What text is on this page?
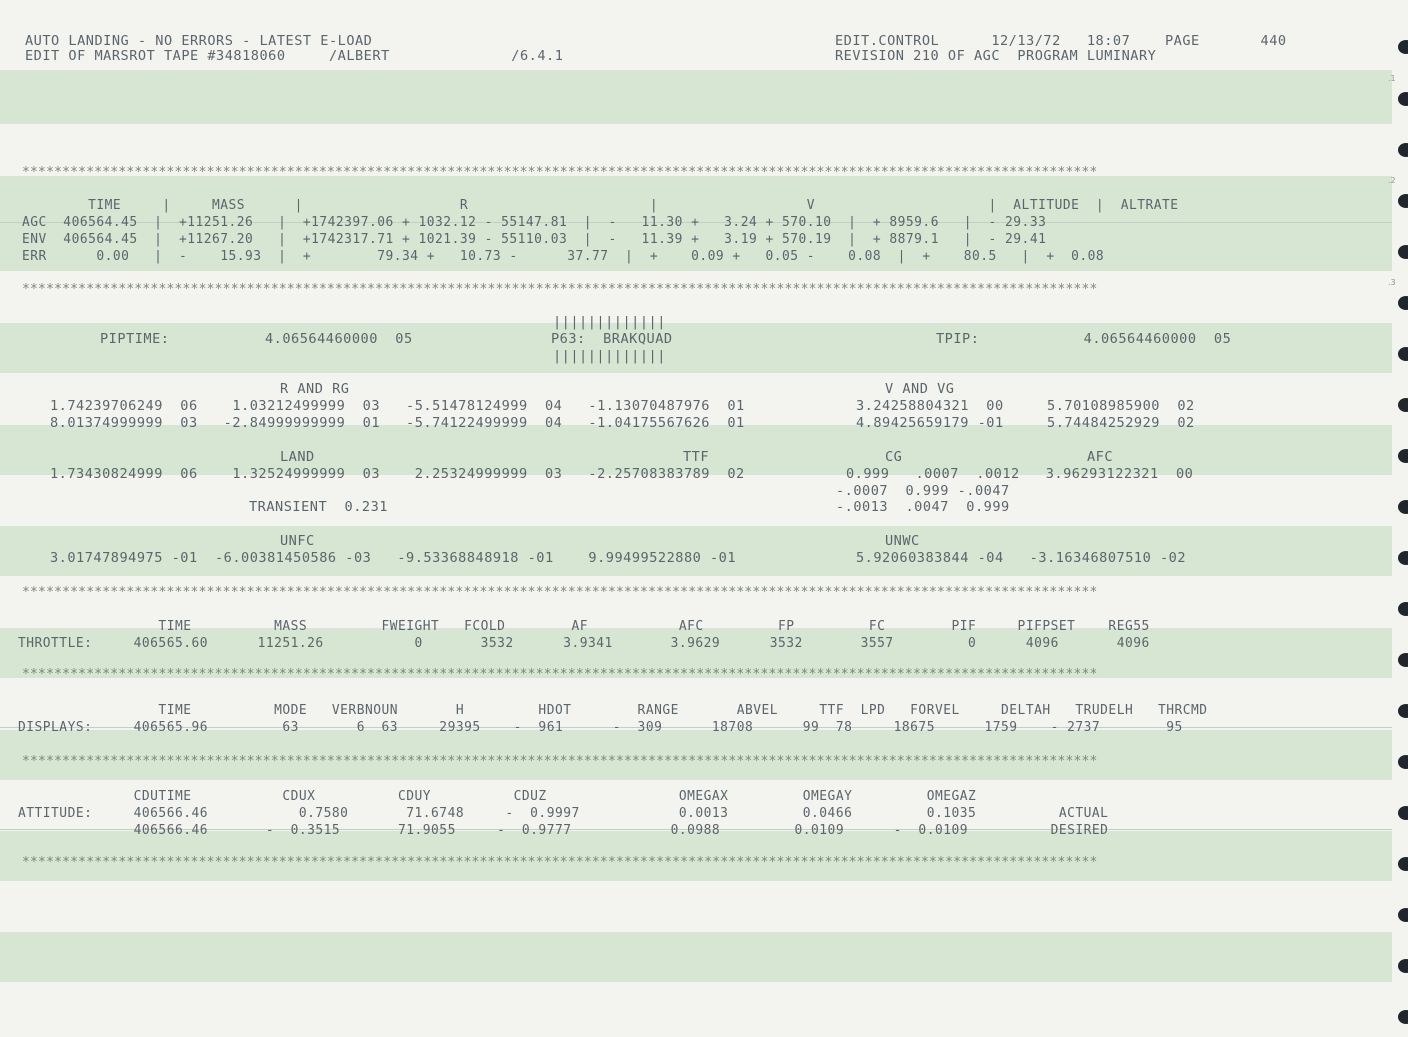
.1
.2
.3
AUTO LANDING - NO ERRORS - LATEST E-LOAD	EDIT.CONTROL      12/13/72   18:07    PAGE       440
EDIT OF MARSROT TAPE #34818060     /ALBERT              /6.4.1	REVISION 210 OF AGC  PROGRAM LUMINARY
**************************************************************************************************************************************
**************************************************************************************************************************************
**************************************************************************************************************************************
**************************************************************************************************************************************
**************************************************************************************************************************************
**************************************************************************************************************************************
TIME     |     MASS      |                   R                      |                  V                     |  ALTITUDE  |  ALTRATE
AGC  406564.45  |  +11251.26   |  +1742397.06 + 1032.12 - 55147.81  |  -   11.30 +   3.24 + 570.10  |  + 8959.6   |  - 29.33
ENV  406564.45  |  +11267.20   |  +1742317.71 + 1021.39 - 55110.03  |  -   11.39 +   3.19 + 570.19  |  + 8879.1   |  - 29.41
ERR      0.00   |  -    15.93  |  +        79.34 +   10.73 -      37.77  |  +    0.09 +   0.05 -    0.08  |  +    80.5   |  +  0.08
|||||||||||||
PIPTIME:           4.06564460000  05	P63:  BRAKQUAD	TPIP:            4.06564460000  05
|||||||||||||
R AND RG	V AND VG
1.74239706249  06    1.03212499999  03   -5.51478124999  04   -1.13070487976  01	3.24258804321  00     5.70108985900  02
8.01374999999  03   -2.84999999999  01   -5.74122499999  04   -1.04175567626  01	4.89425659179 -01     5.74484252929  02
LAND	TTF	CG	AFC
1.73430824999  06    1.32524999999  03    2.25324999999  03   -2.25708383789  02	0.999   .0007  .0012   3.96293122321  00
-.0007  0.999 -.0047
TRANSIENT  0.231	-.0013  .0047  0.999
UNFC	UNWC
3.01747894975 -01  -6.00381450586 -03   -9.53368848918 -01    9.99499522880 -01	5.92060383844 -04   -3.16346807510 -02
TIME          MASS         FWEIGHT   FCOLD        AF           AFC         FP         FC        PIF     PIFPSET    REG55
THROTTLE:     406565.60      11251.26           0       3532      3.9341       3.9629      3532       3557         0      4096       4096
TIME          MODE   VERBNOUN       H         HDOT        RANGE       ABVEL     TTF  LPD   FORVEL     DELTAH   TRUDELH   THRCMD
DISPLAYS:     406565.96         63       6  63     29395    -  961      -  309      18708      99  78     18675      1759    - 2737        95
CDUTIME           CDUX          CDUY          CDUZ                OMEGAX         OMEGAY         OMEGAZ
ATTITUDE:     406566.46           0.7580       71.6748     -  0.9997            0.0013         0.0466         0.1035          ACTUAL
406566.46       -  0.3515       71.9055     -  0.9777            0.0988         0.0109      -  0.0109          DESIRED
